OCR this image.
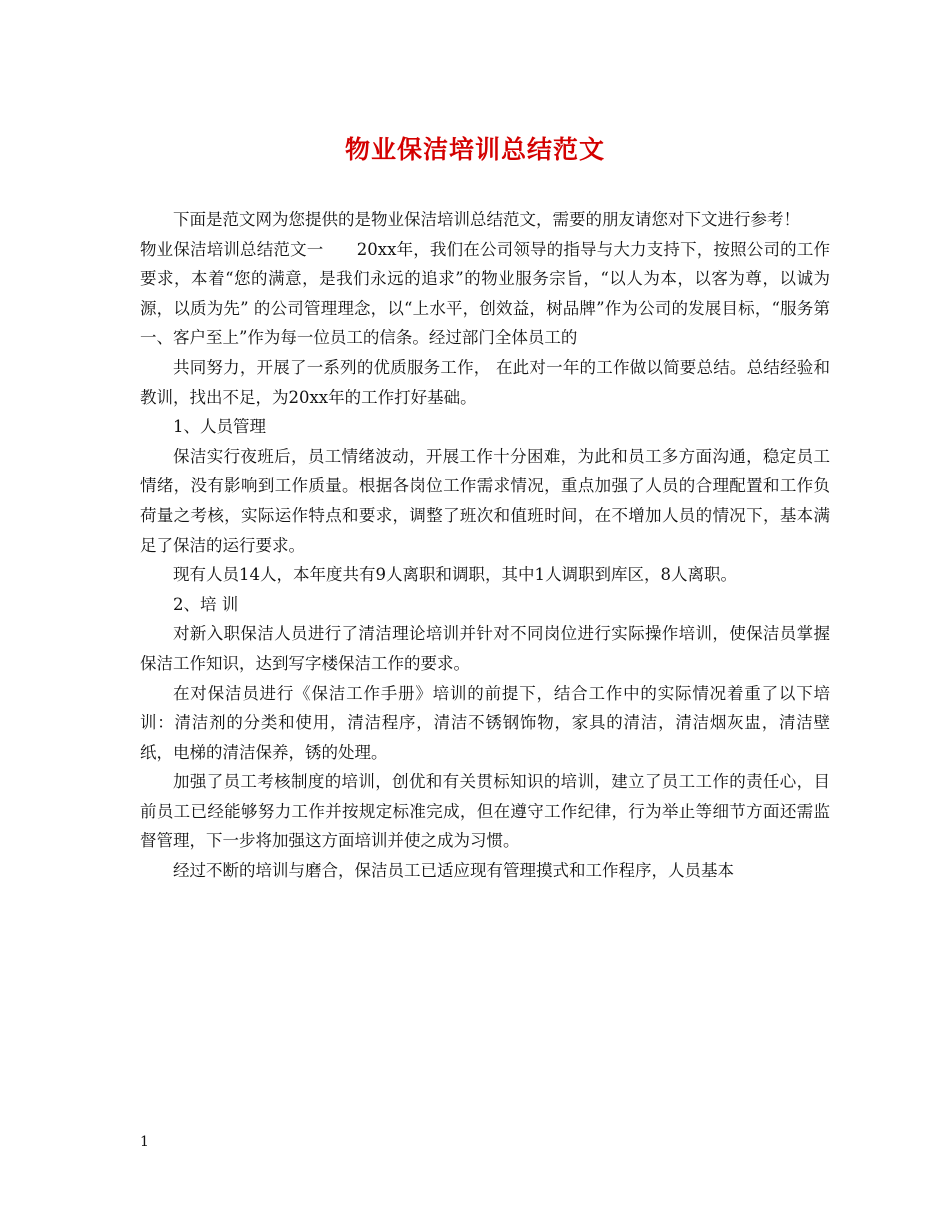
物业保洁培训总结范文

下面是范文网为您提供的是物业保洁培训总结范文，需要的朋友请您对下文进行参考！

物业保洁培训总结范文一　　20xx年，我们在公司领导的指导与大力支持下，按照公司的工作要求，本着“您的满意，是我们永远的追求”的物业服务宗旨，“以人为本，以客为尊，以诚为源，以质为先” 的公司管理理念，以“上水平，创效益，树品牌”作为公司的发展目标，“服务第一、客户至上”作为每一位员工的信条。经过部门全体员工的

共同努力，开展了一系列的优质服务工作， 在此对一年的工作做以简要总结。总结经验和教训，找出不足，为20xx年的工作打好基础。

1、人员管理

保洁实行夜班后，员工情绪波动，开展工作十分困难，为此和员工多方面沟通，稳定员工情绪，没有影响到工作质量。根据各岗位工作需求情况，重点加强了人员的合理配置和工作负荷量之考核，实际运作特点和要求，调整了班次和值班时间，在不增加人员的情况下，基本满足了保洁的运行要求。

现有人员14人，本年度共有9人离职和调职，其中1人调职到库区，8人离职。

2、培 训

对新入职保洁人员进行了清洁理论培训并针对不同岗位进行实际操作培训，使保洁员掌握保洁工作知识，达到写字楼保洁工作的要求。

在对保洁员进行《保洁工作手册》培训的前提下，结合工作中的实际情况着重了以下培训：清洁剂的分类和使用，清洁程序，清洁不锈钢饰物，家具的清洁，清洁烟灰盅，清洁壁纸，电梯的清洁保养，锈的处理。

加强了员工考核制度的培训，创优和有关贯标知识的培训，建立了员工工作的责任心，目前员工已经能够努力工作并按规定标准完成，但在遵守工作纪律，行为举止等细节方面还需监督管理，下一步将加强这方面培训并使之成为习惯。

经过不断的培训与磨合，保洁员工已适应现有管理摸式和工作程序，人员基本

1
